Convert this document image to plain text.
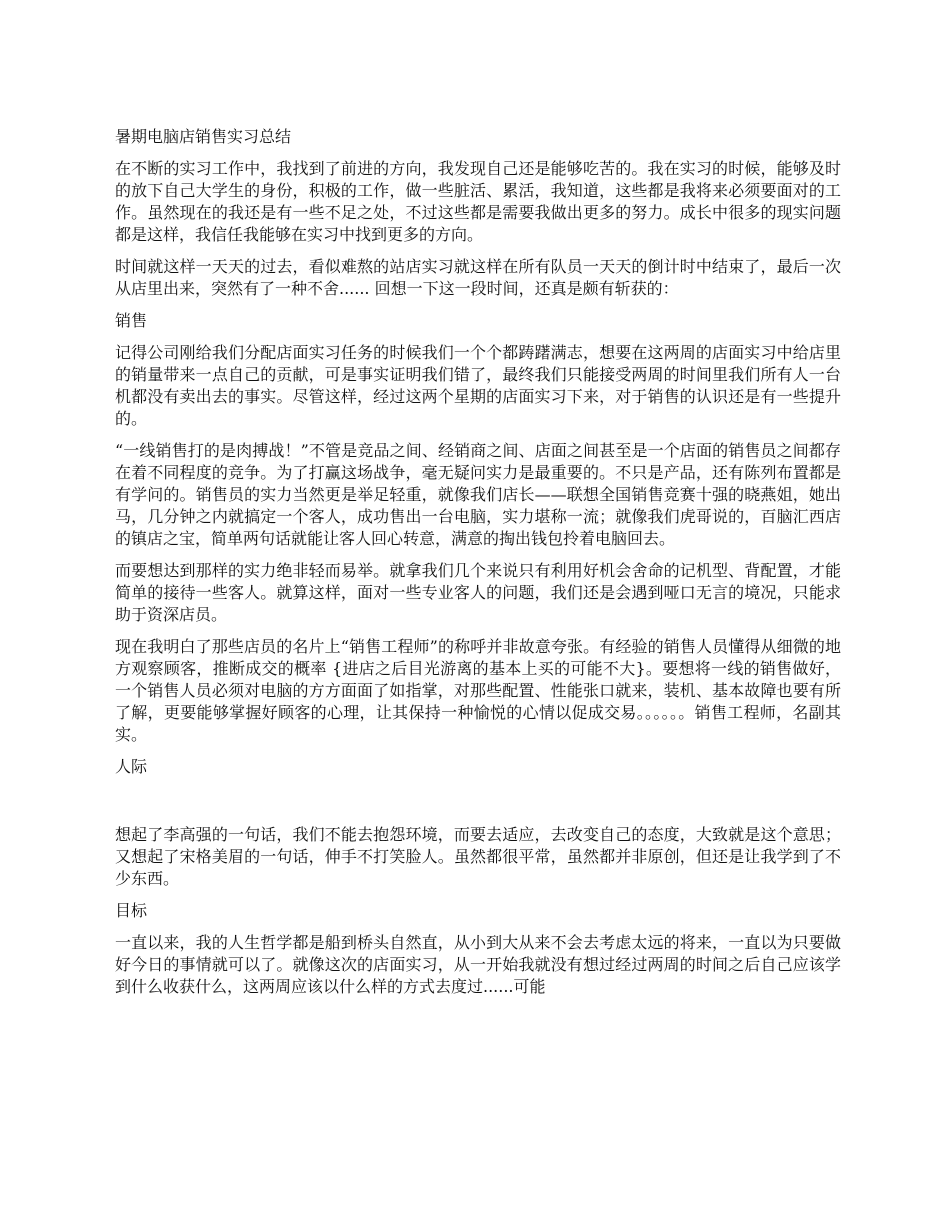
暑期电脑店销售实习总结

在不断的实习工作中，我找到了前进的方向，我发现自己还是能够吃苦的。我在实习的时候，能够及时的放下自己大学生的身份，积极的工作，做一些脏活、累活，我知道，这些都是我将来必须要面对的工作。虽然现在的我还是有一些不足之处，不过这些都是需要我做出更多的努力。成长中很多的现实问题都是这样，我信任我能够在实习中找到更多的方向。

时间就这样一天天的过去，看似难熬的站店实习就这样在所有队员一天天的倒计时中结束了，最后一次从店里出来，突然有了一种不舍...... 回想一下这一段时间，还真是颇有斩获的：

销售

记得公司刚给我们分配店面实习任务的时候我们一个个都踌躇满志，想要在这两周的店面实习中给店里的销量带来一点自己的贡献，可是事实证明我们错了，最终我们只能接受两周的时间里我们所有人一台机都没有卖出去的事实。尽管这样，经过这两个星期的店面实习下来，对于销售的认识还是有一些提升的。

“一线销售打的是肉搏战！”不管是竞品之间、经销商之间、店面之间甚至是一个店面的销售员之间都存在着不同程度的竞争。为了打赢这场战争，毫无疑问实力是最重要的。不只是产品，还有陈列布置都是有学问的。销售员的实力当然更是举足轻重，就像我们店长——联想全国销售竞赛十强的晓燕姐，她出马，几分钟之内就搞定一个客人，成功售出一台电脑，实力堪称一流；就像我们虎哥说的，百脑汇西店的镇店之宝，简单两句话就能让客人回心转意，满意的掏出钱包拎着电脑回去。

而要想达到那样的实力绝非轻而易举。就拿我们几个来说只有利用好机会舍命的记机型、背配置，才能简单的接待一些客人。就算这样，面对一些专业客人的问题，我们还是会遇到哑口无言的境况，只能求助于资深店员。

现在我明白了那些店员的名片上“销售工程师”的称呼并非故意夸张。有经验的销售人员懂得从细微的地方观察顾客，推断成交的概率 {进店之后目光游离的基本上买的可能不大}。要想将一线的销售做好，一个销售人员必须对电脑的方方面面了如指掌，对那些配置、性能张口就来，装机、基本故障也要有所了解，更要能够掌握好顾客的心理，让其保持一种愉悦的心情以促成交易。。。。。。销售工程师，名副其实。

人际

想起了李高强的一句话，我们不能去抱怨环境，而要去适应，去改变自己的态度，大致就是这个意思；又想起了宋格美眉的一句话，伸手不打笑脸人。虽然都很平常，虽然都并非原创，但还是让我学到了不少东西。

目标

一直以来，我的人生哲学都是船到桥头自然直，从小到大从来不会去考虑太远的将来，一直以为只要做好今日的事情就可以了。就像这次的店面实习，从一开始我就没有想过经过两周的时间之后自己应该学到什么收获什么，这两周应该以什么样的方式去度过......可能
